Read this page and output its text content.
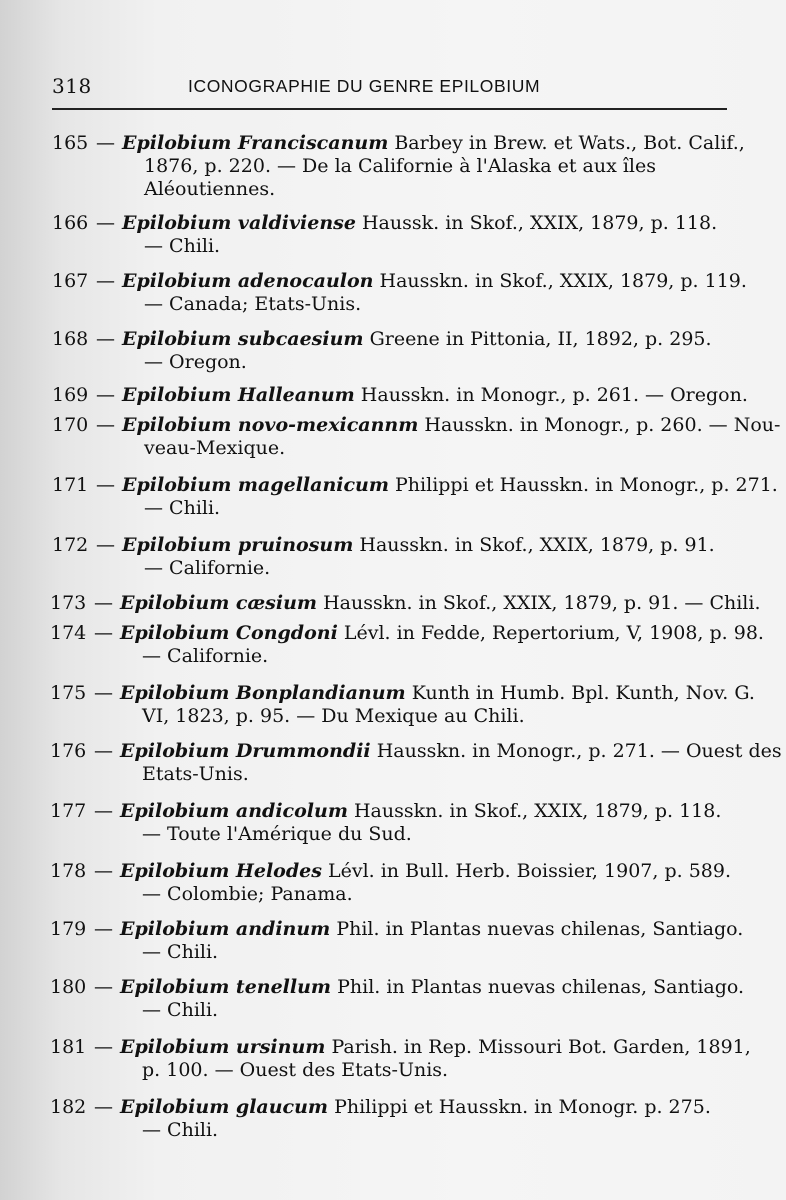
318	ICONOGRAPHIE DU GENRE EPILOBIUM
165 — Epilobium Franciscanum Barbey in Brew. et Wats., Bot. Calif.,
1876, p. 220. — De la Californie à l'Alaska et aux îles Aléoutiennes.
166 — Epilobium valdiviense Haussk. in Skof., XXIX, 1879, p. 118.
— Chili.
167 — Epilobium adenocaulon Hausskn. in Skof., XXIX, 1879, p. 119.
— Canada; Etats-Unis.
168 — Epilobium subcaesium Greene in Pittonia, II, 1892, p. 295.
— Oregon.
169 — Epilobium Halleanum Hausskn. in Monogr., p. 261. — Oregon.
170 — Epilobium novo-mexicannm Hausskn. in Monogr., p. 260. — Nou-
veau-Mexique.
171 — Epilobium magellanicum Philippi et Hausskn. in Monogr., p. 271.
— Chili.
172 — Epilobium pruinosum Hausskn. in Skof., XXIX, 1879, p. 91.
— Californie.
173 — Epilobium cæsium Hausskn. in Skof., XXIX, 1879, p. 91. — Chili.
174 — Epilobium Congdoni Lévl. in Fedde, Repertorium, V, 1908, p. 98.
— Californie.
175 — Epilobium Bonplandianum Kunth in Humb. Bpl. Kunth, Nov. G.
VI, 1823, p. 95. — Du Mexique au Chili.
176 — Epilobium Drummondii Hausskn. in Monogr., p. 271. — Ouest des
Etats-Unis.
177 — Epilobium andicolum Hausskn. in Skof., XXIX, 1879, p. 118.
— Toute l'Amérique du Sud.
178 — Epilobium Helodes Lévl. in Bull. Herb. Boissier, 1907, p. 589.
— Colombie; Panama.
179 — Epilobium andinum Phil. in Plantas nuevas chilenas, Santiago.
— Chili.
180 — Epilobium tenellum Phil. in Plantas nuevas chilenas, Santiago.
— Chili.
181 — Epilobium ursinum Parish. in Rep. Missouri Bot. Garden, 1891,
p. 100. — Ouest des Etats-Unis.
182 — Epilobium glaucum Philippi et Hausskn. in Monogr. p. 275.
— Chili.
